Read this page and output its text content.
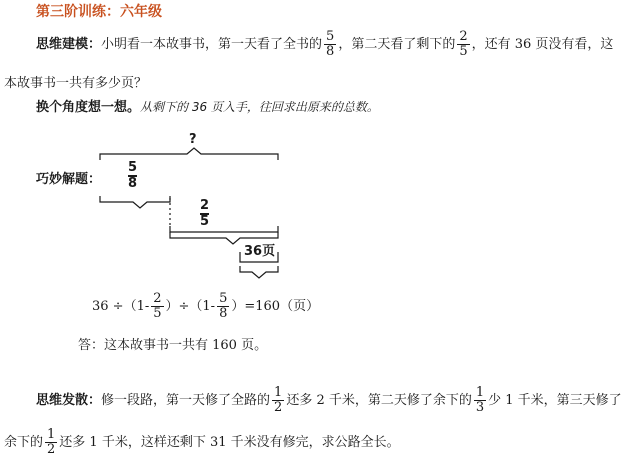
第三阶训练：六年级
思维建模：小明看一本故事书，第一天看了全书的 $\frac{5}{8}$ ，第二天看了剩下的 $\frac{2}{5}$ ，还有 36 页没有看，这
本故事书一共有多少页？
换个角度想一想。从剩下的 36 页入手，往回求出原来的总数。
巧妙解题：
?
$\frac{5}{8}$
$\frac{2}{5}$
36页
$36 \div(1- \frac{2}{5} )\div(1- \frac{5}{8} )=160$（页）
答：这本故事书一共有 160 页。
思维发散：修一段路，第一天修了全路的 $\frac{1}{2}$ 还多 2 千米，第二天修了余下的 $\frac{1}{3}$ 少 1 千米，第三天修了
余下的 $\frac{1}{2}$ 还多 1 千米，这样还剩下 31 千米没有修完，求公路全长。
